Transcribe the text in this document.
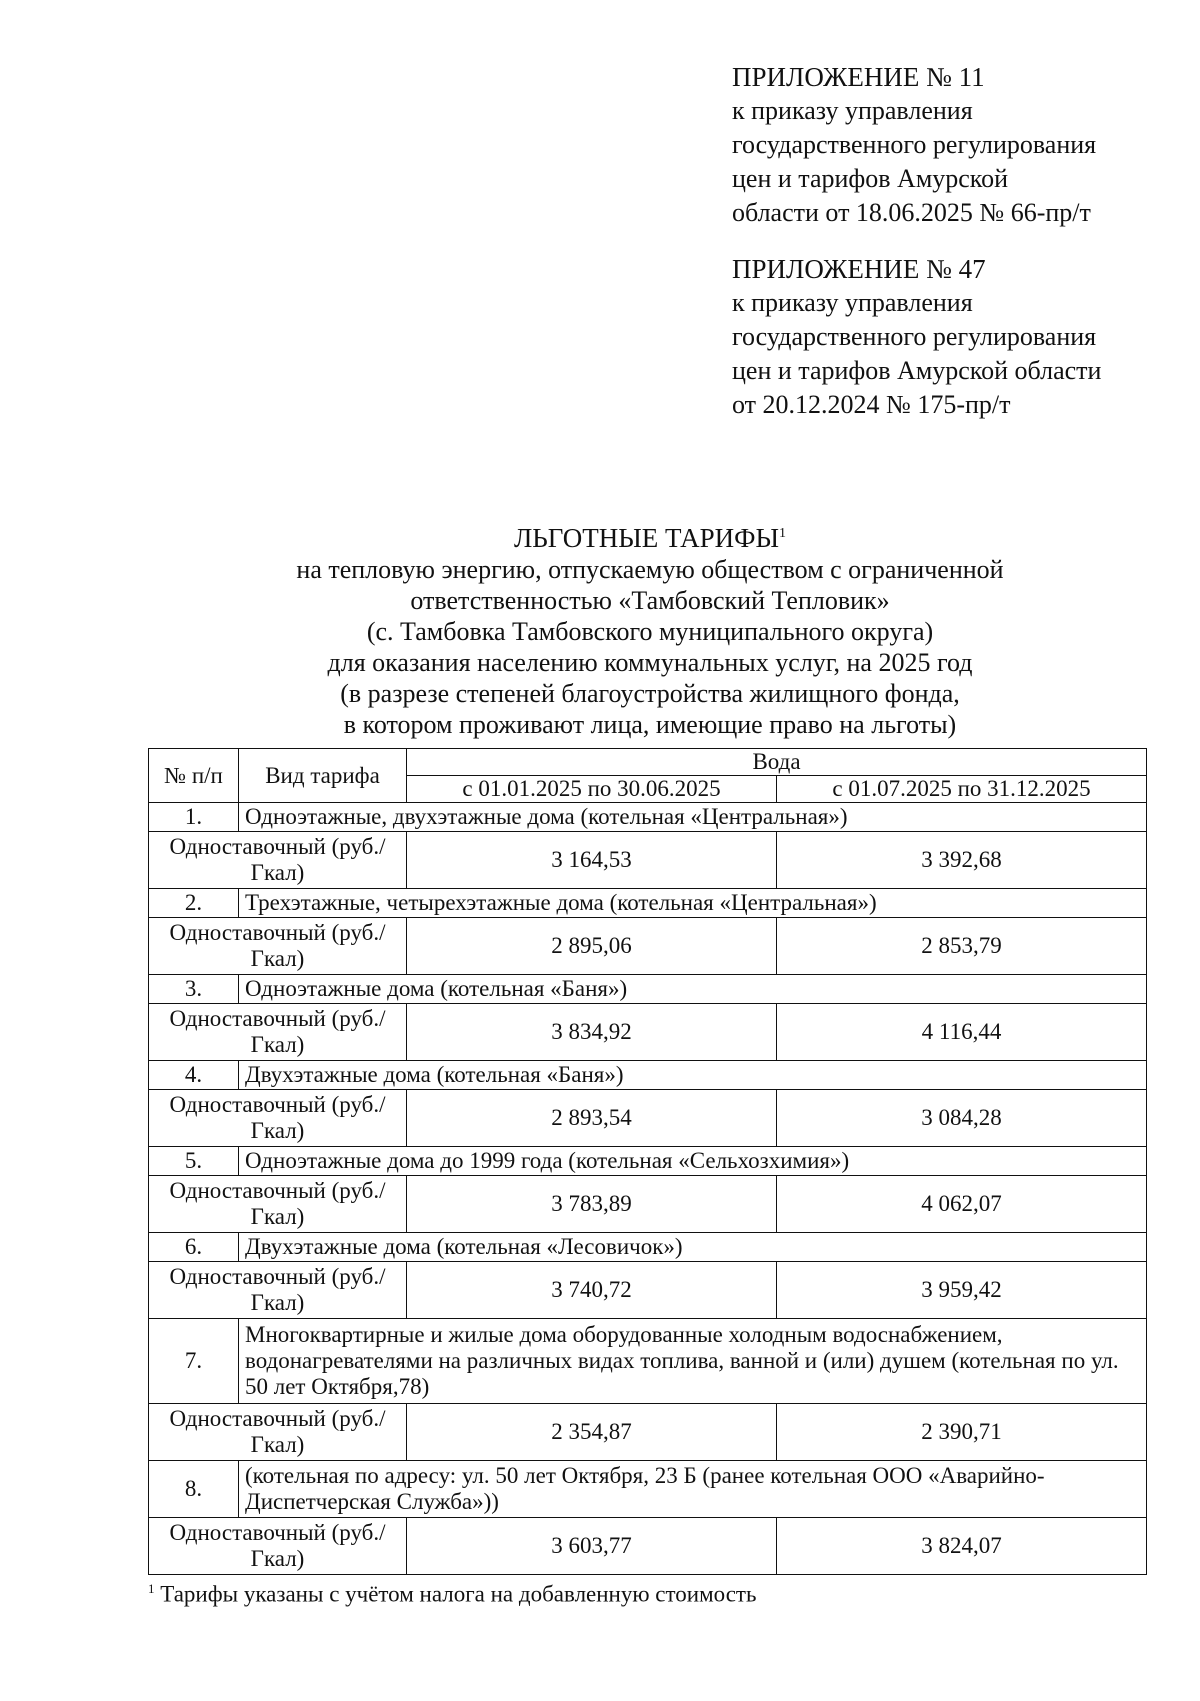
ПРИЛОЖЕНИЕ № 11
к приказу управления
государственного регулирования
цен и тарифов Амурской
области от 18.06.2025 № 66-пр/т
ПРИЛОЖЕНИЕ № 47
к приказу управления
государственного регулирования
цен и тарифов Амурской области
от 20.12.2024 № 175-пр/т
ЛЬГОТНЫЕ ТАРИФЫ$^1$
на тепловую энергию, отпускаемую обществом с ограниченной
ответственностью «Тамбовский Тепловик»
(с. Тамбовка Тамбовского муниципального округа)
для оказания населению коммунальных услуг, на 2025 год
(в разрезе степеней благоустройства жилищного фонда,
в котором проживают лица, имеющие право на льготы)
№ п/п	Вид тарифа	Вода	
		с 01.01.2025 по 30.06.2025	с 01.07.2025 по 31.12.2025
1.	Одноэтажные, двухэтажные дома (котельная «Центральная»)		
Одноставочный (руб./Гкал)		3 164,53	3 392,68
2.	Трехэтажные, четырехэтажные дома (котельная «Центральная»)		
Одноставочный (руб./Гкал)		2 895,06	2 853,79
3.	Одноэтажные дома (котельная «Баня»)		
Одноставочный (руб./Гкал)		3 834,92	4 116,44
4.	Двухэтажные дома (котельная «Баня»)		
Одноставочный (руб./Гкал)		2 893,54	3 084,28
5.	Одноэтажные дома до 1999 года (котельная «Сельхозхимия»)		
Одноставочный (руб./Гкал)		3 783,89	4 062,07
6.	Двухэтажные дома (котельная «Лесовичок»)		
Одноставочный (руб./Гкал)		3 740,72	3 959,42
7.	Многоквартирные и жилые дома оборудованные холодным водоснабжением, водонагревателями на различных видах топлива, ванной и (или) душем (котельная по ул. 50 лет Октября,78)		
Одноставочный (руб./Гкал)		2 354,87	2 390,71
8.	(котельная по адресу: ул. 50 лет Октября, 23 Б (ранее котельная ООО «Аварийно-Диспетчерская Служба»))		
Одноставочный (руб./Гкал)		3 603,77	3 824,07
$^1$ Тарифы указаны с учётом налога на добавленную стоимость
